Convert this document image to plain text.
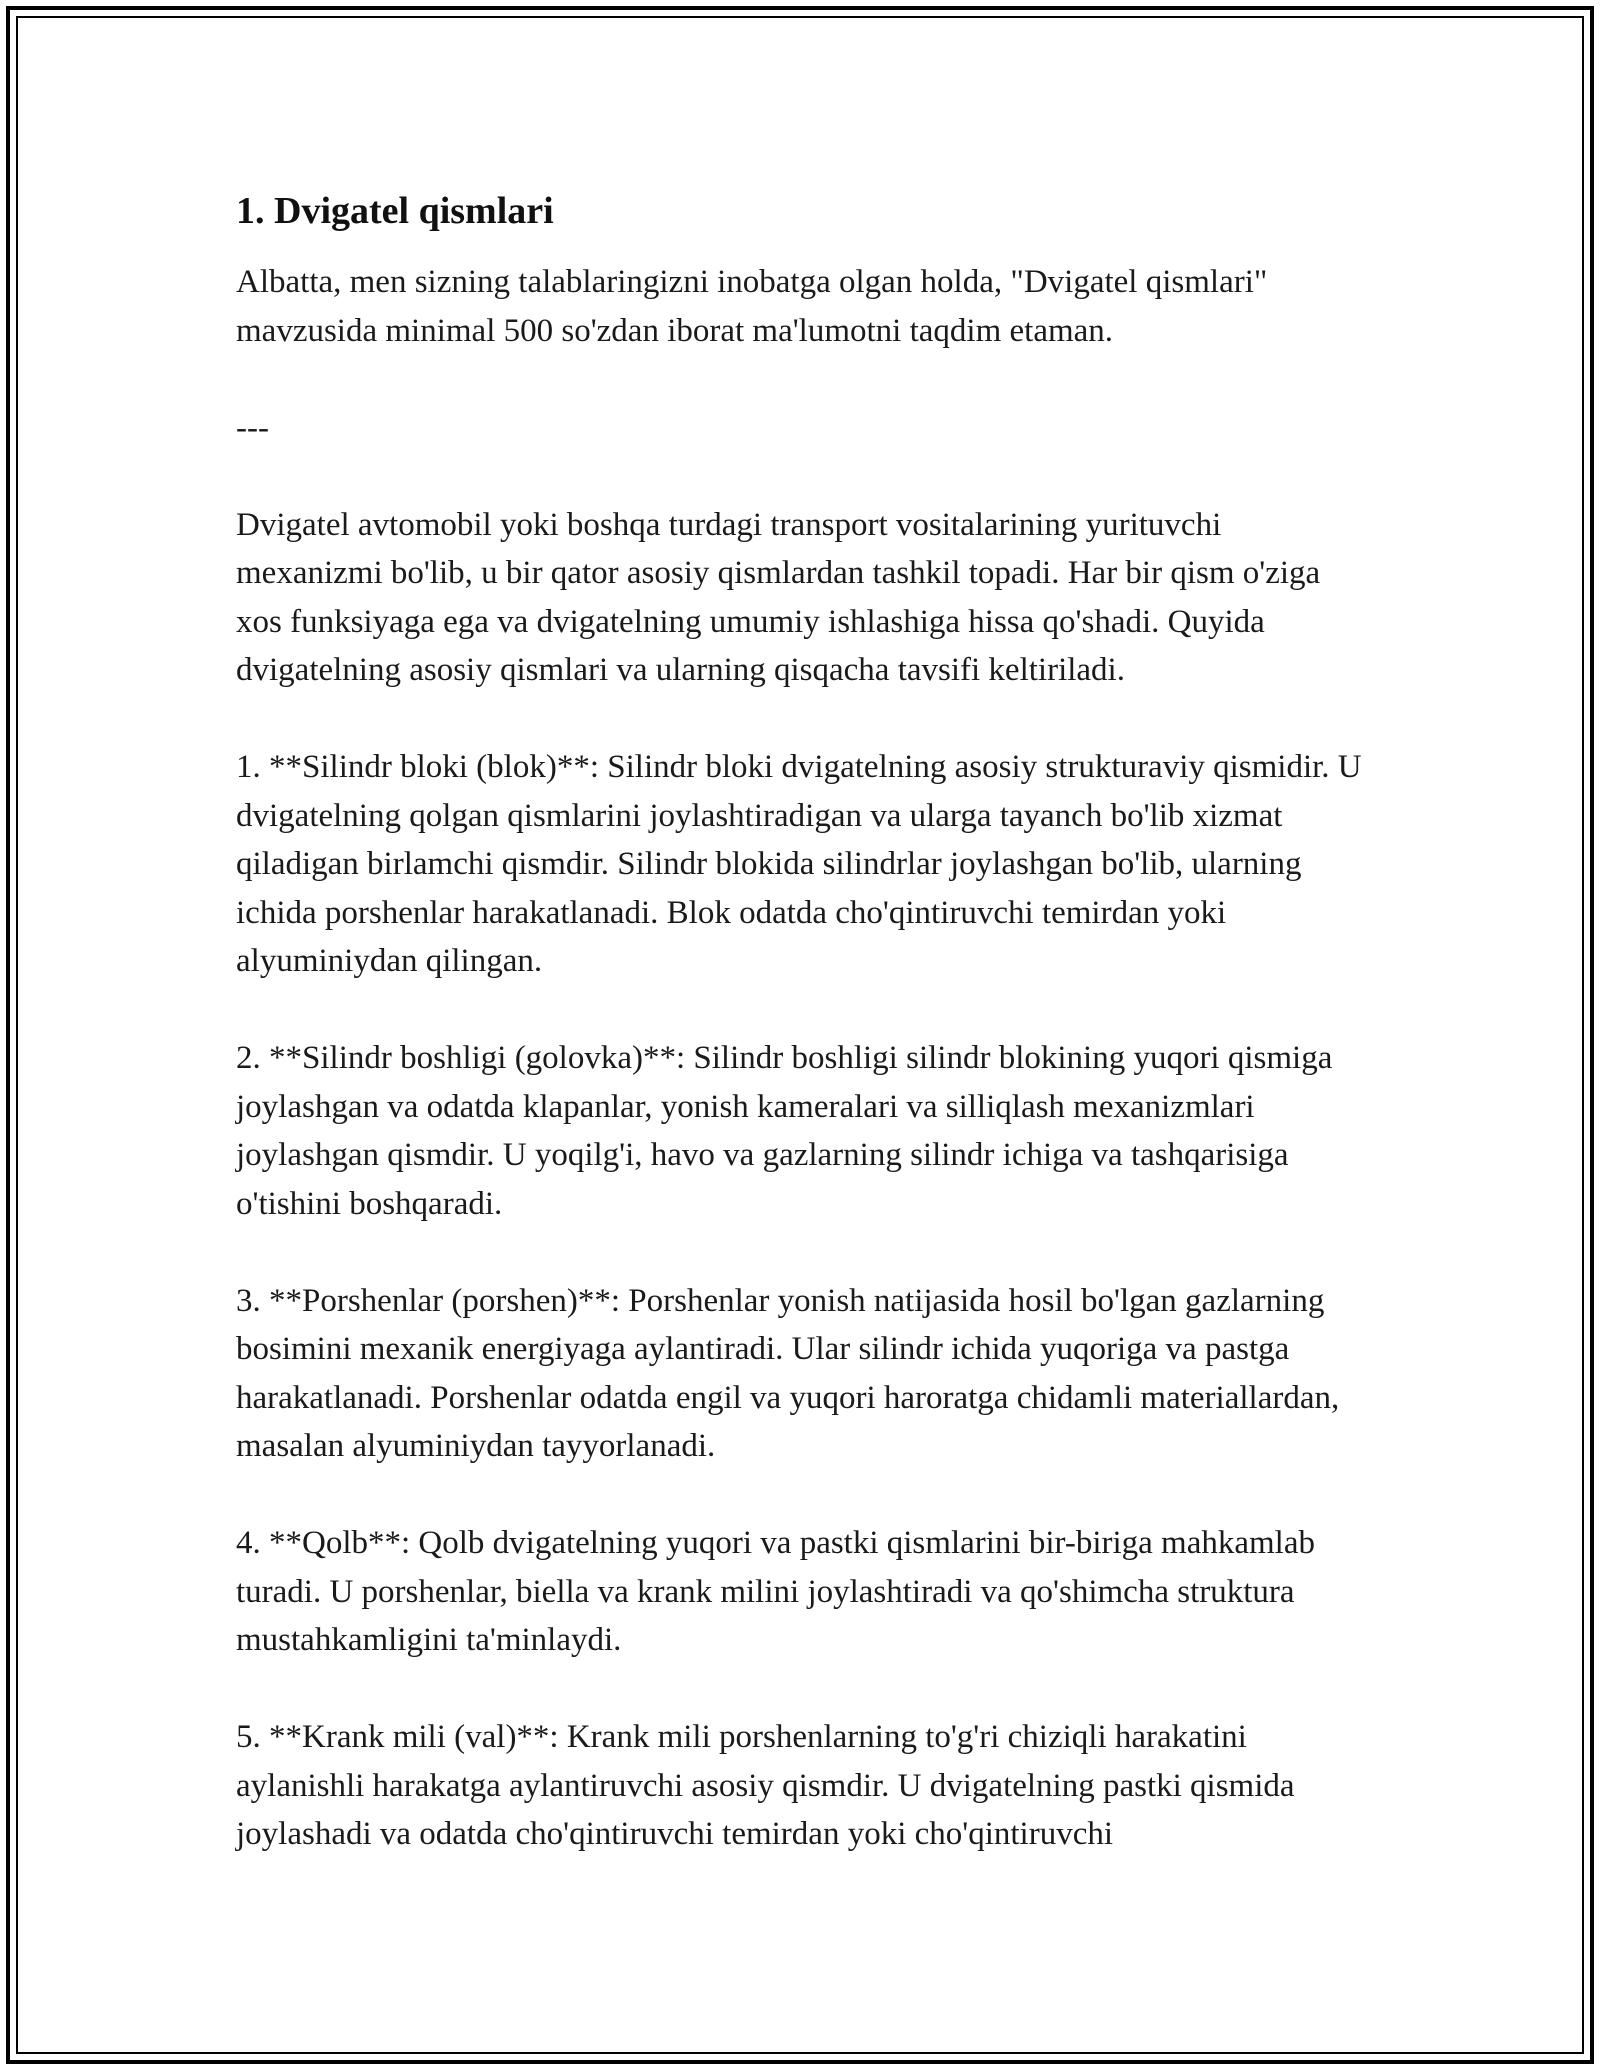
1. Dvigatel qismlari

Albatta, men sizning talablaringizni inobatga olgan holda, "Dvigatel qismlari" mavzusida minimal 500 so'zdan iborat ma'lumotni taqdim etaman.

---

Dvigatel avtomobil yoki boshqa turdagi transport vositalarining yurituvchi mexanizmi bo'lib, u bir qator asosiy qismlardan tashkil topadi. Har bir qism o'ziga xos funksiyaga ega va dvigatelning umumiy ishlashiga hissa qo'shadi. Quyida dvigatelning asosiy qismlari va ularning qisqacha tavsifi keltiriladi.

1. **Silindr bloki (blok)**: Silindr bloki dvigatelning asosiy strukturaviy qismidir. U dvigatelning qolgan qismlarini joylashtiradigan va ularga tayanch bo'lib xizmat qiladigan birlamchi qismdir. Silindr blokida silindrlar joylashgan bo'lib, ularning ichida porshenlar harakatlanadi. Blok odatda cho'qintiruvchi temirdan yoki alyuminiydan qilingan.

2. **Silindr boshligi (golovka)**: Silindr boshligi silindr blokining yuqori qismiga joylashgan va odatda klapanlar, yonish kameralari va silliqlash mexanizmlari joylashgan qismdir. U yoqilg'i, havo va gazlarning silindr ichiga va tashqarisiga o'tishini boshqaradi.

3. **Porshenlar (porshen)**: Porshenlar yonish natijasida hosil bo'lgan gazlarning bosimini mexanik energiyaga aylantiradi. Ular silindr ichida yuqoriga va pastga harakatlanadi. Porshenlar odatda engil va yuqori haroratga chidamli materiallardan, masalan alyuminiydan tayyorlanadi.

4. **Qolb**: Qolb dvigatelning yuqori va pastki qismlarini bir-biriga mahkamlab turadi. U porshenlar, biella va krank milini joylashtiradi va qo'shimcha struktura mustahkamligini ta'minlaydi.

5. **Krank mili (val)**: Krank mili porshenlarning to'g'ri chiziqli harakatini aylanishli harakatga aylantiruvchi asosiy qismdir. U dvigatelning pastki qismida joylashadi va odatda cho'qintiruvchi temirdan yoki cho'qintiruvchi
